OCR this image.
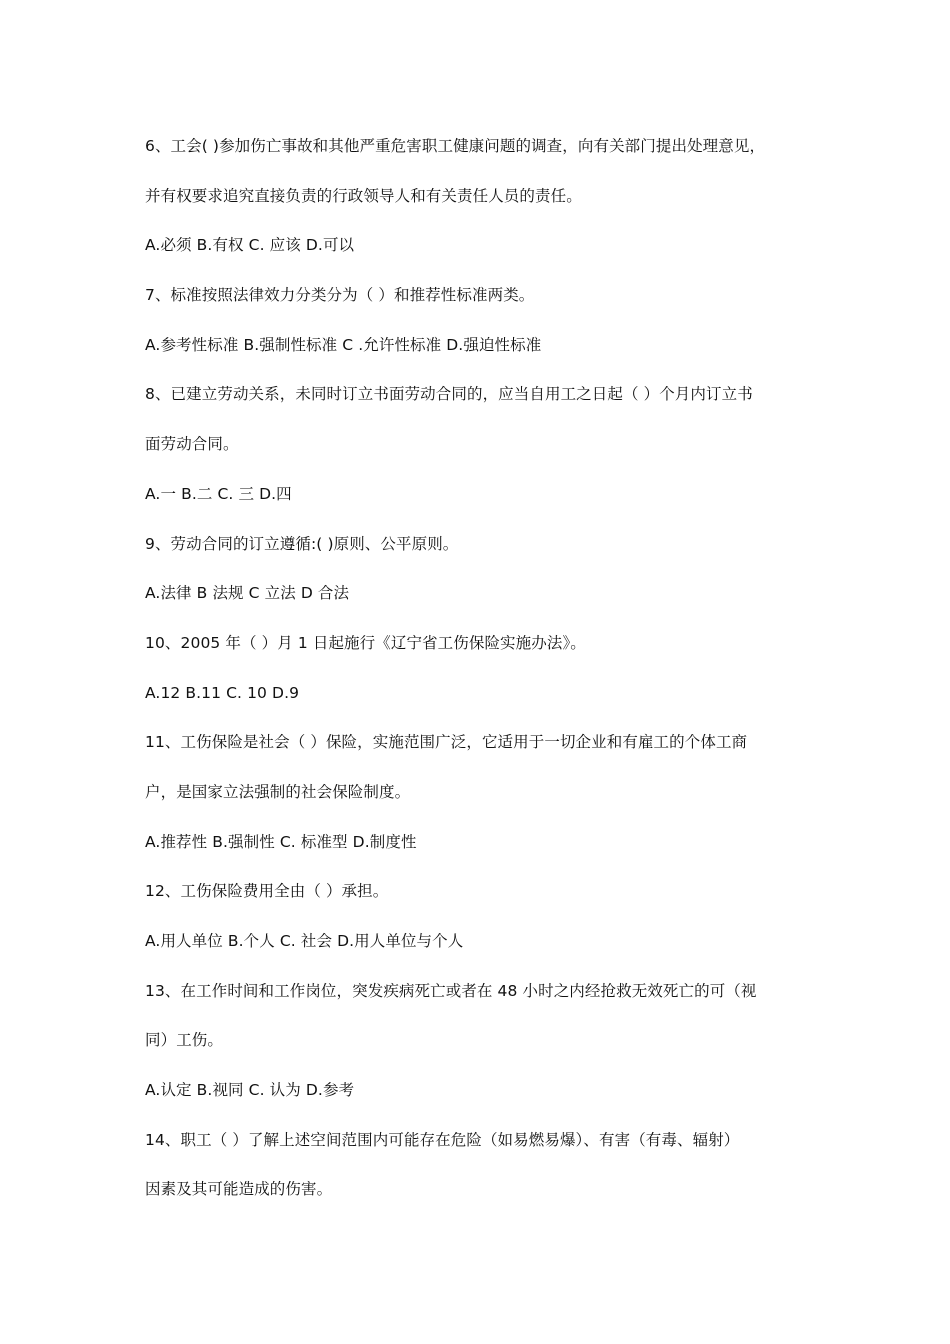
6、工会( )参加伤亡事故和其他严重危害职工健康问题的调查，向有关部门提出处理意见，
并有权要求追究直接负责的行政领导人和有关责任人员的责任。
A.必须 B.有权 C. 应该 D.可以
7、标准按照法律效力分类分为（ ）和推荐性标准两类。
A.参考性标准 B.强制性标准 C .允许性标准 D.强迫性标准
8、已建立劳动关系，未同时订立书面劳动合同的，应当自用工之日起（ ）个月内订立书
面劳动合同。
A.一 B.二 C. 三 D.四
9、劳动合同的订立遵循:( )原则、公平原则。
A.法律 B 法规 C 立法 D 合法
10、2005 年（ ）月 1 日起施行《辽宁省工伤保险实施办法》。
A.12 B.11 C. 10 D.9
11、工伤保险是社会（ ）保险，实施范围广泛，它适用于一切企业和有雇工的个体工商
户，是国家立法强制的社会保险制度。
A.推荐性 B.强制性 C. 标准型 D.制度性
12、工伤保险费用全由（ ）承担。
A.用人单位 B.个人 C. 社会 D.用人单位与个人
13、在工作时间和工作岗位，突发疾病死亡或者在 48 小时之内经抢救无效死亡的可（视
同）工伤。
A.认定 B.视同 C. 认为 D.参考
14、职工（ ）了解上述空间范围内可能存在危险（如易燃易爆）、有害（有毒、辐射）
因素及其可能造成的伤害。
